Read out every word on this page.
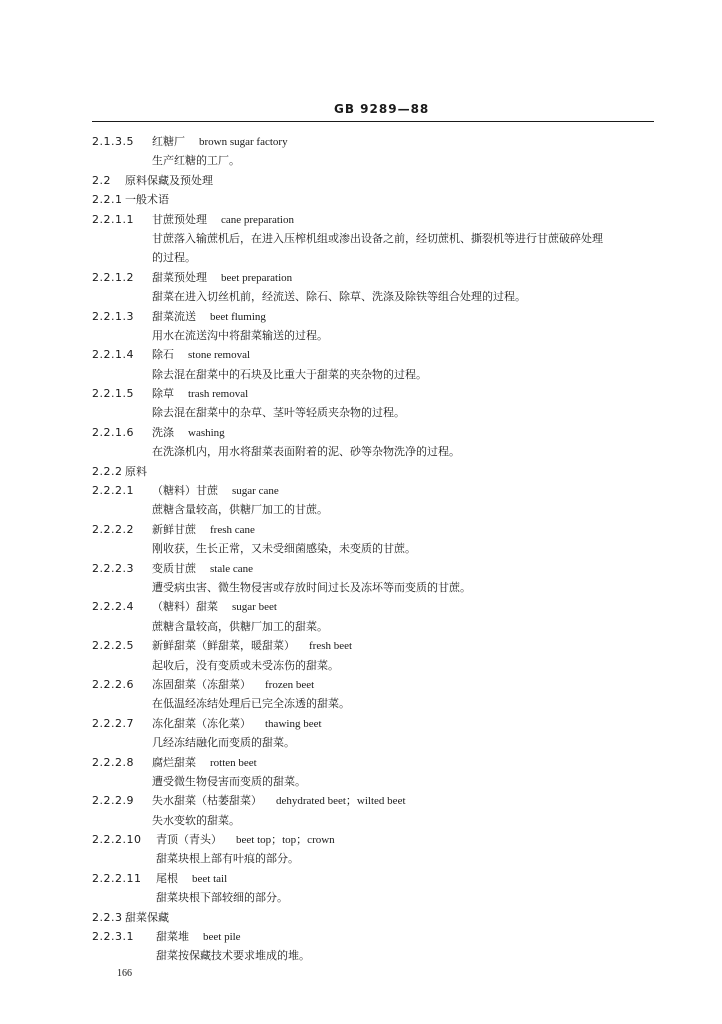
GB 9289—88
2.1.3.5 红糖厂 brown sugar factory
生产红糖的工厂。
2.2 原料保藏及预处理
2.2.1 一般术语
2.2.1.1 甘蔗预处理 cane preparation
甘蔗落入输蔗机后，在进入压榨机组或渗出设备之前，经切蔗机、撕裂机等进行甘蔗破碎处理
的过程。
2.2.1.2 甜菜预处理 beet preparation
甜菜在进入切丝机前，经流送、除石、除草、洗涤及除铁等组合处理的过程。
2.2.1.3 甜菜流送 beet fluming
用水在流送沟中将甜菜输送的过程。
2.2.1.4 除石 stone removal
除去混在甜菜中的石块及比重大于甜菜的夹杂物的过程。
2.2.1.5 除草 trash removal
除去混在甜菜中的杂草、茎叶等轻质夹杂物的过程。
2.2.1.6 洗涤 washing
在洗涤机内，用水将甜菜表面附着的泥、砂等杂物洗净的过程。
2.2.2 原料
2.2.2.1 （糖料）甘蔗 sugar cane
蔗糖含量较高，供糖厂加工的甘蔗。
2.2.2.2 新鲜甘蔗 fresh cane
刚收获，生长正常，又未受细菌感染，未变质的甘蔗。
2.2.2.3 变质甘蔗 stale cane
遭受病虫害、微生物侵害或存放时间过长及冻坏等而变质的甘蔗。
2.2.2.4 （糖料）甜菜 sugar beet
蔗糖含量较高，供糖厂加工的甜菜。
2.2.2.5 新鲜甜菜（鲜甜菜，暖甜菜） fresh beet
起收后，没有变质或未受冻伤的甜菜。
2.2.2.6 冻固甜菜（冻甜菜） frozen beet
在低温经冻结处理后已完全冻透的甜菜。
2.2.2.7 冻化甜菜（冻化菜） thawing beet
几经冻结融化而变质的甜菜。
2.2.2.8 腐烂甜菜 rotten beet
遭受微生物侵害而变质的甜菜。
2.2.2.9 失水甜菜（枯萎甜菜） dehydrated beet；wilted beet
失水变软的甜菜。
2.2.2.10 青顶（青头） beet top；top；crown
甜菜块根上部有叶痕的部分。
2.2.2.11 尾根 beet tail
甜菜块根下部较细的部分。
2.2.3 甜菜保藏
2.2.3.1 甜菜堆 beet pile
甜菜按保藏技术要求堆成的堆。
166
